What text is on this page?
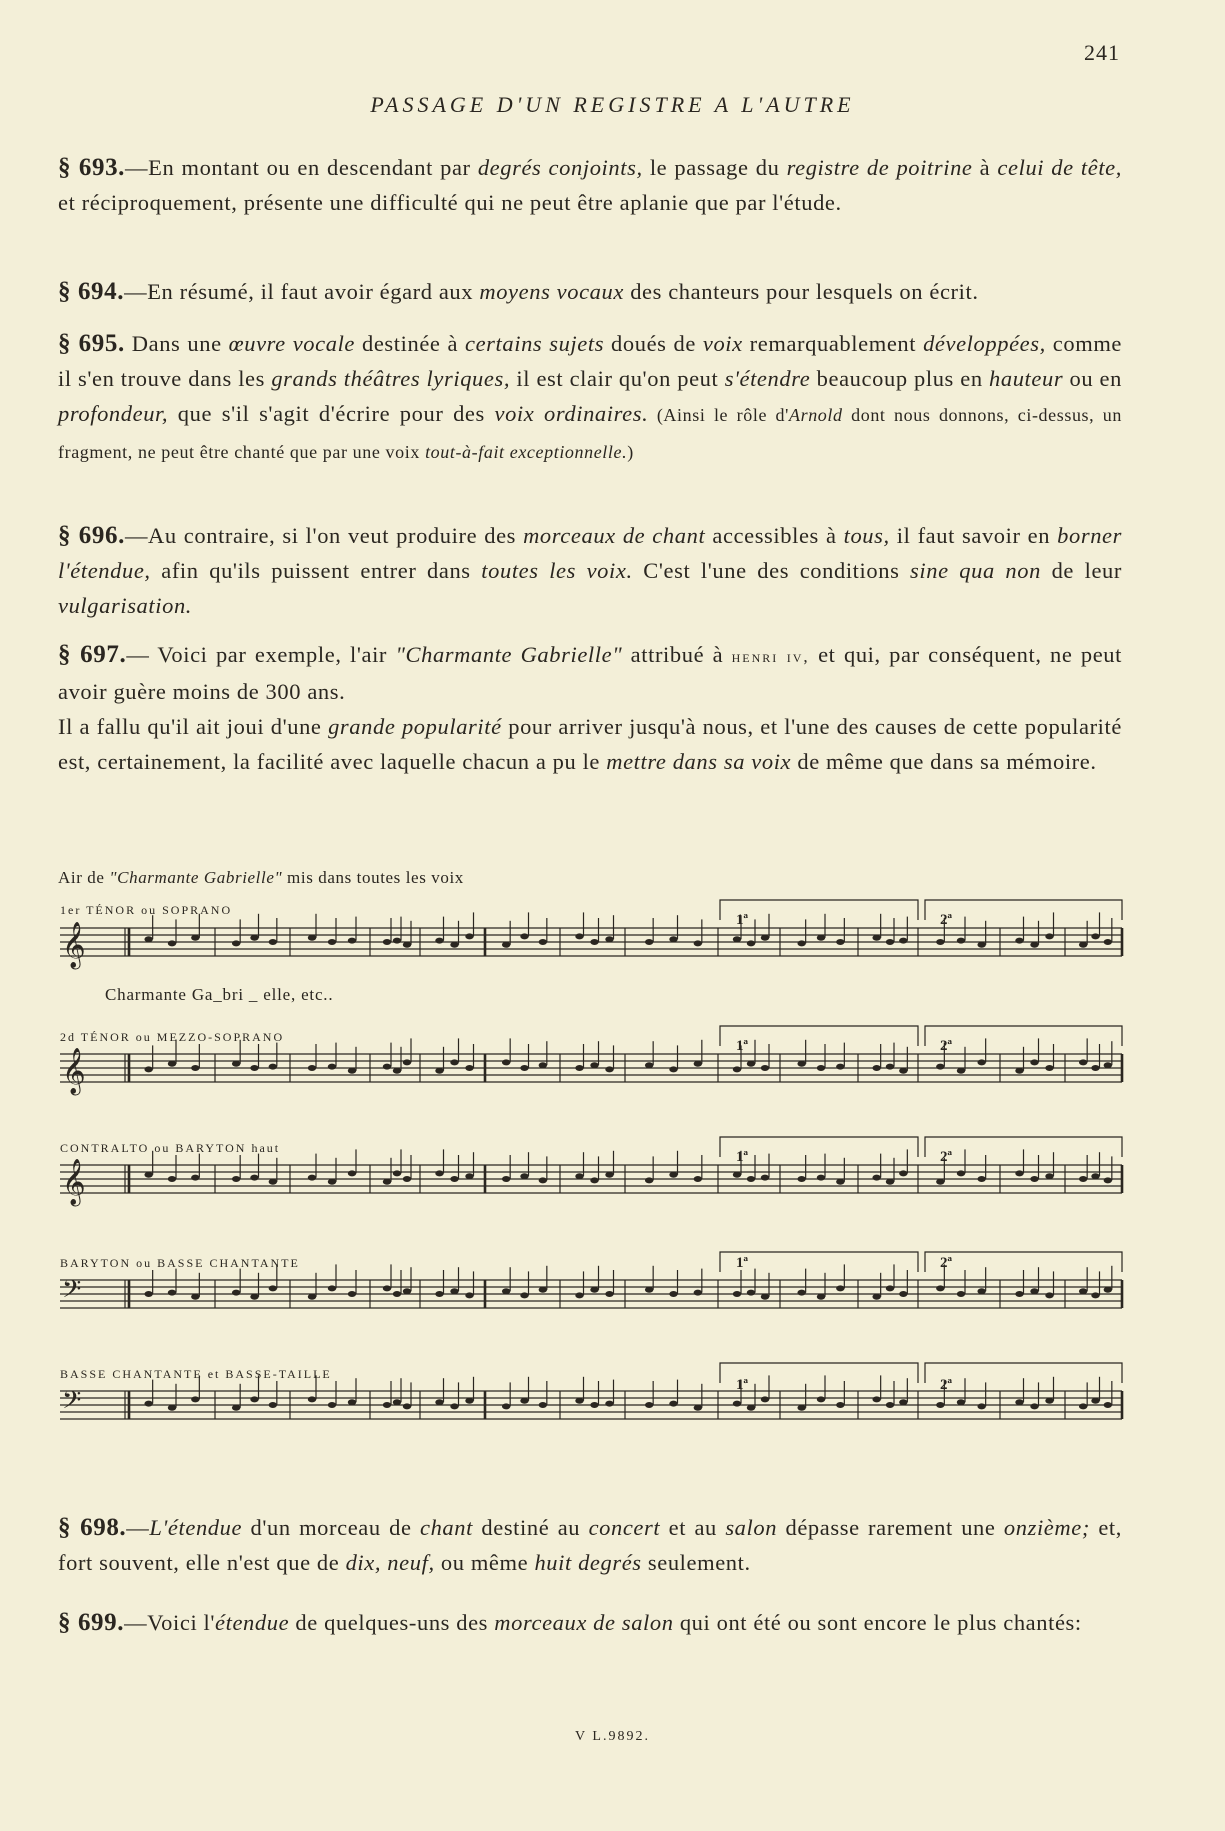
241
PASSAGE D'UN REGISTRE A L'AUTRE

§ 693.—En montant ou en descendant par degrés conjoints, le passage du registre de poitrine à celui de tête, et réciproquement, présente une difficulté qui ne peut être aplanie que par l'étude.

§ 694.—En résumé, il faut avoir égard aux moyens vocaux des chanteurs pour lesquels on écrit.

§ 695. Dans une œuvre vocale destinée à certains sujets doués de voix remarquablement développées, comme il s'en trouve dans les grands théâtres lyriques, il est clair qu'on peut s'étendre beaucoup plus en hauteur ou en profondeur, que s'il s'agit d'écrire pour des voix ordinaires. (Ainsi le rôle d'Arnold dont nous donnons, ci-dessus, un fragment, ne peut être chanté que par une voix tout-à-fait exceptionnelle.)

§ 696.—Au contraire, si l'on veut produire des morceaux de chant accessibles à tous, il faut savoir en borner l'étendue, afin qu'ils puissent entrer dans toutes les voix. C'est l'une des conditions sine qua non de leur vulgarisation.

§ 697.— Voici par exemple, l'air "Charmante Gabrielle" attribué à henri iv, et qui, par conséquent, ne peut avoir guère moins de 300 ans.

Il a fallu qu'il ait joui d'une grande popularité pour arriver jusqu'à nous, et l'une des causes de cette popularité est, certainement, la facilité avec laquelle chacun a pu le mettre dans sa voix de même que dans sa mémoire.

Air de "Charmante Gabrielle" mis dans toutes les voix
1er TÉNOR ou SOPRANO
2d TÉNOR ou MEZZO-SOPRANO
CONTRALTO ou BARYTON haut
BARYTON ou BASSE CHANTANTE
BASSE CHANTANTE et BASSE-TAILLE
Charmante Ga_bri _ elle, etc..
1ª	2ª
1ª	2ª
1ª	2ª
1ª	2ª
1ª	2ª
𝄞
𝄞
𝄞
𝄢
𝄢

§ 698.—L'étendue d'un morceau de chant destiné au concert et au salon dépasse rarement une onzième; et, fort souvent, elle n'est que de dix, neuf, ou même huit degrés seulement.

§ 699.—Voici l'étendue de quelques-uns des morceaux de salon qui ont été ou sont encore le plus chantés:

V L.9892.
